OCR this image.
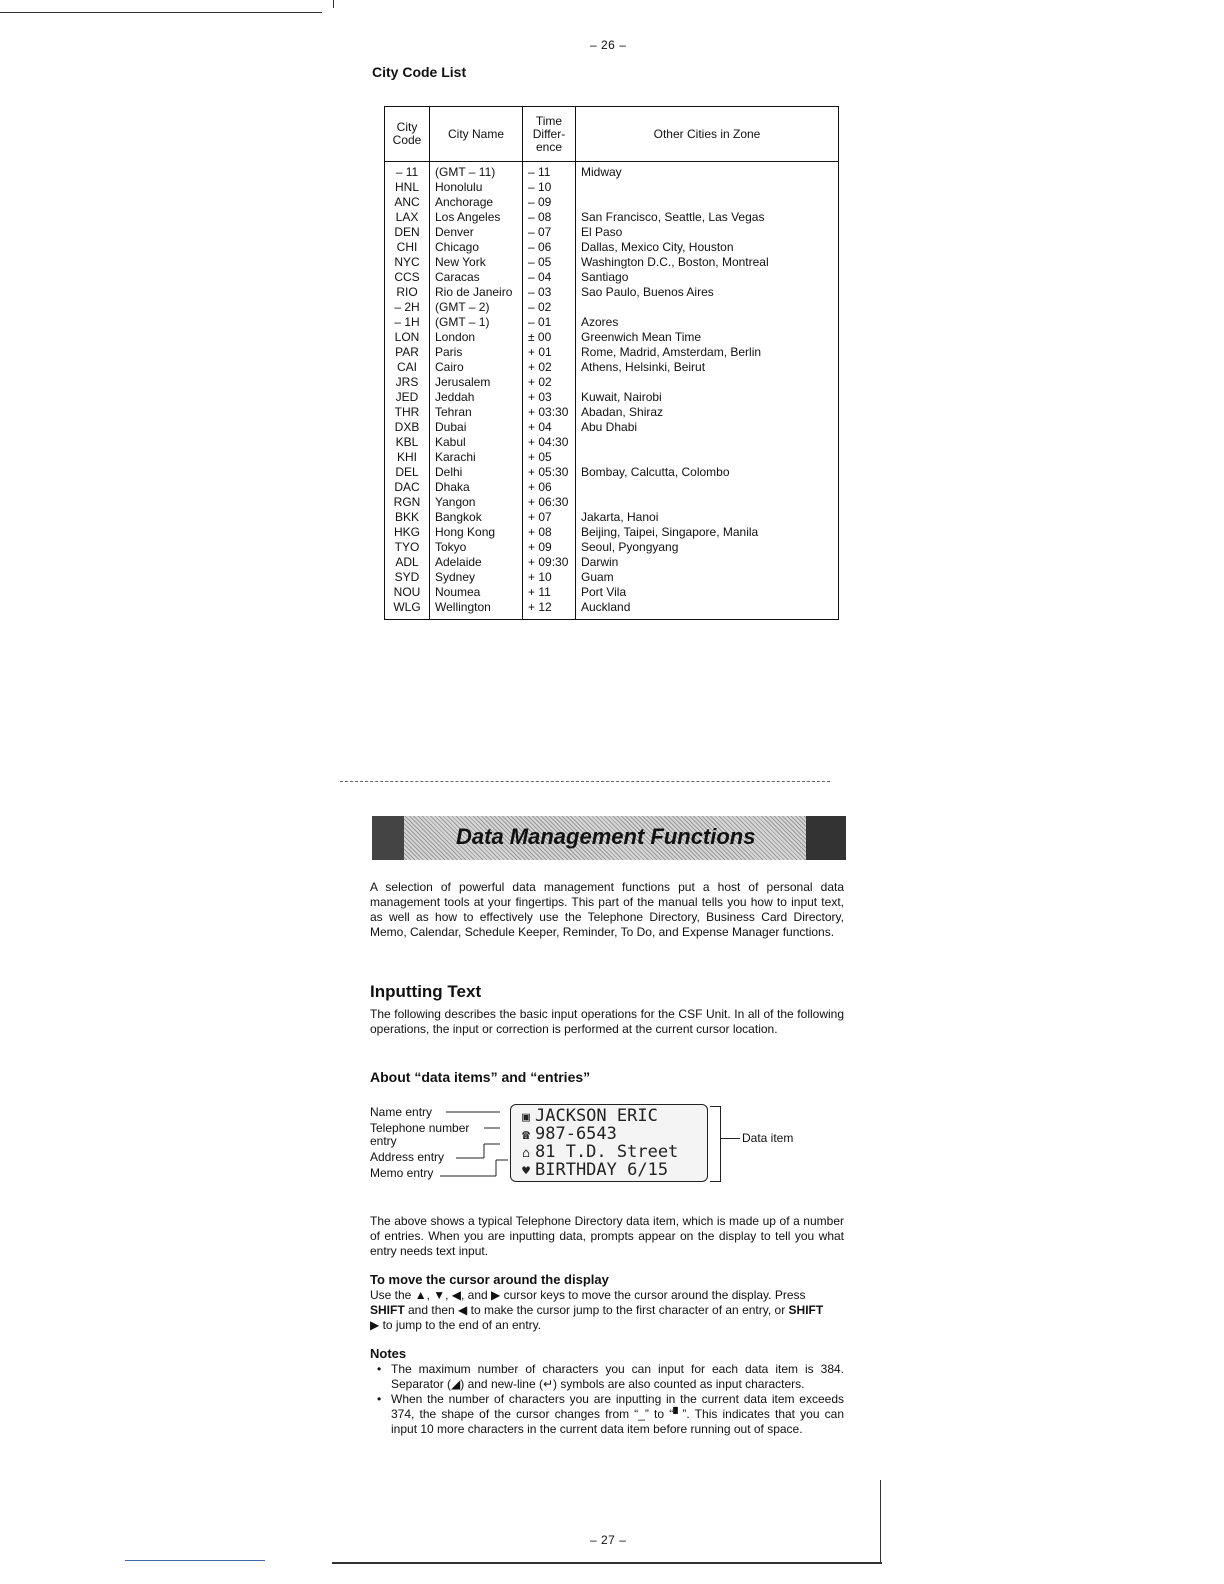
– 26 –
City Code List
City Code	City Name	Time Differ- ence	Other Cities in Zone
– 11	(GMT – 11)	– 11	Midway
HNL	Honolulu	– 10	
ANC	Anchorage	– 09	
LAX	Los Angeles	– 08	San Francisco, Seattle, Las Vegas
DEN	Denver	– 07	El Paso
CHI	Chicago	– 06	Dallas, Mexico City, Houston
NYC	New York	– 05	Washington D.C., Boston, Montreal
CCS	Caracas	– 04	Santiago
RIO	Rio de Janeiro	– 03	Sao Paulo, Buenos Aires
– 2H	(GMT – 2)	– 02	
– 1H	(GMT – 1)	– 01	Azores
LON	London	± 00	Greenwich Mean Time
PAR	Paris	+ 01	Rome, Madrid, Amsterdam, Berlin
CAI	Cairo	+ 02	Athens, Helsinki, Beirut
JRS	Jerusalem	+ 02	
JED	Jeddah	+ 03	Kuwait, Nairobi
THR	Tehran	+ 03:30	Abadan, Shiraz
DXB	Dubai	+ 04	Abu Dhabi
KBL	Kabul	+ 04:30	
KHI	Karachi	+ 05	
DEL	Delhi	+ 05:30	Bombay, Calcutta, Colombo
DAC	Dhaka	+ 06	
RGN	Yangon	+ 06:30	
BKK	Bangkok	+ 07	Jakarta, Hanoi
HKG	Hong Kong	+ 08	Beijing, Taipei, Singapore, Manila
TYO	Tokyo	+ 09	Seoul, Pyongyang
ADL	Adelaide	+ 09:30	Darwin
SYD	Sydney	+ 10	Guam
NOU	Noumea	+ 11	Port Vila
WLG	Wellington	+ 12	Auckland
Data Management Functions
A selection of powerful data management functions put a host of personal data management tools at your fingertips. This part of the manual tells you how to input text, as well as how to effectively use the Telephone Directory, Business Card Directory, Memo, Calendar, Schedule Keeper, Reminder, To Do, and Expense Manager functions.
Inputting Text
The following describes the basic input operations for the CSF Unit. In all of the following operations, the input or correction is performed at the current cursor location.
About “data items” and “entries”
Name entry
Telephone number
entry
Address entry
Memo entry
▣ JACKSON ERIC
☎ 987-6543
⌂ 81 T.D. Street
♥ BIRTHDAY 6/15
Data item
The above shows a typical Telephone Directory data item, which is made up of a number of entries. When you are inputting data, prompts appear on the display to tell you what entry needs text input.
To move the cursor around the display
Use the ▲, ▼, ◀, and ▶ cursor keys to move the cursor around the display. Press
SHIFT and then ◀ to make the cursor jump to the first character of an entry, or SHIFT
▶ to jump to the end of an entry.
Notes
• The maximum number of characters you can input for each data item is 384. Separator (◢) and new-line (↵) symbols are also counted as input characters.
• When the number of characters you are inputting in the current data item exceeds 374, the shape of the cursor changes from “_” to “▘”. This indicates that you can input 10 more characters in the current data item before running out of space.
– 27 –
